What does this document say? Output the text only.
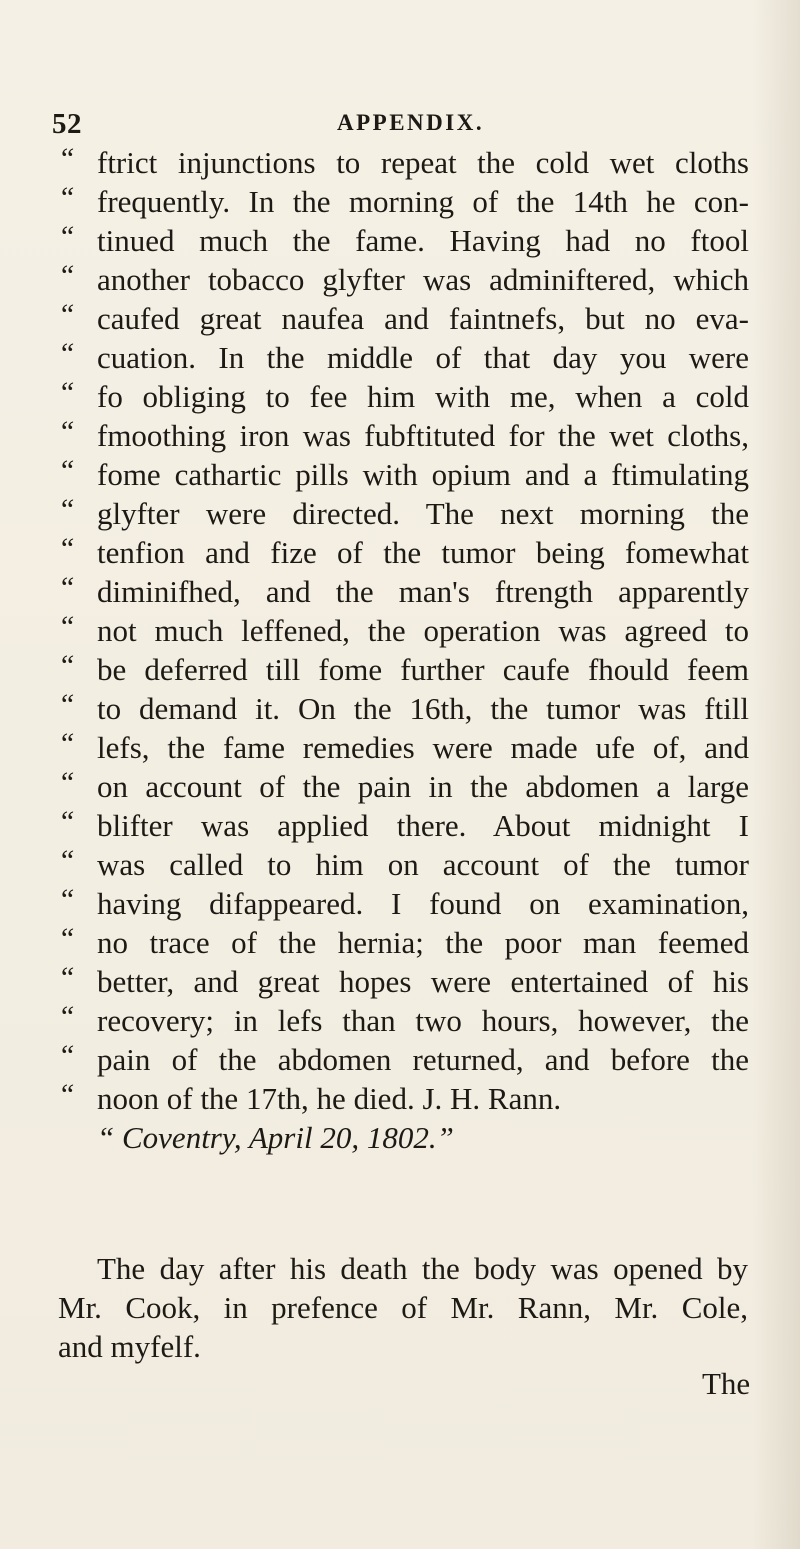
52	APPENDIX.
“ ftrict injunctions to repeat the cold wet cloths
“ frequently. In the morning of the 14th he con-
“ tinued much the fame. Having had no ftool
“ another tobacco glyfter was adminiftered, which
“ caufed great naufea and faintnefs, but no eva-
“ cuation. In the middle of that day you were
“ fo obliging to fee him with me, when a cold
“ fmoothing iron was fubftituted for the wet cloths,
“ fome cathartic pills with opium and a ftimulating
“ glyfter were directed. The next morning the
“ tenfion and fize of the tumor being fomewhat
“ diminifhed, and the man's ftrength apparently
“ not much leffened, the operation was agreed to
“ be deferred till fome further caufe fhould feem
“ to demand it. On the 16th, the tumor was ftill
“ lefs, the fame remedies were made ufe of, and
“ on account of the pain in the abdomen a large
“ blifter was applied there. About midnight I
“ was called to him on account of the tumor
“ having difappeared. I found on examination,
“ no trace of the hernia; the poor man feemed
“ better, and great hopes were entertained of his
“ recovery; in lefs than two hours, however, the
“ pain of the abdomen returned, and before the
“ noon of the 17th, he died. J. H. Rann.
“ Coventry, April 20, 1802.”
The day after his death the body was opened by
Mr. Cook, in prefence of Mr. Rann, Mr. Cole,
and myfelf.
The
